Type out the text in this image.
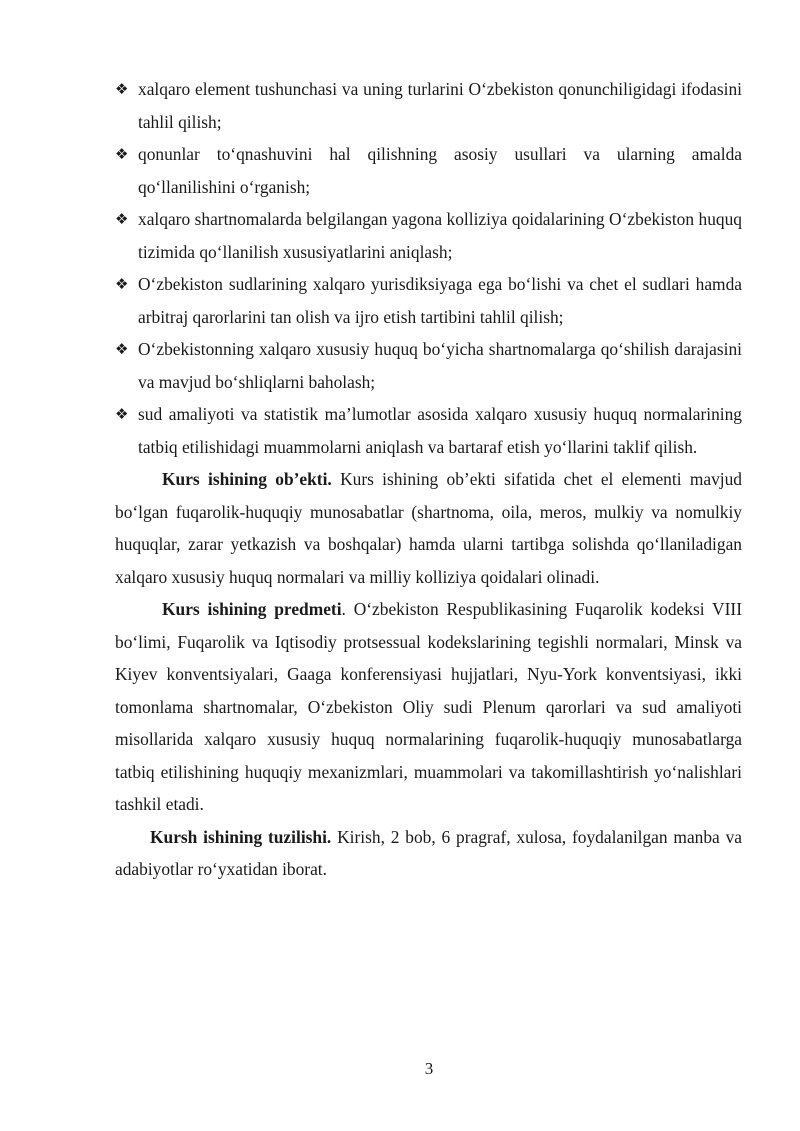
❖ xalqaro element tushunchasi va uning turlarini O‘zbekiston qonunchiligidagi ifodasini tahlil qilish;
❖ qonunlar to‘qnashuvini hal qilishning asosiy usullari va ularning amalda qo‘llanilishini o‘rganish;
❖ xalqaro shartnomalarda belgilangan yagona kolliziya qoidalarining O‘zbekiston huquq tizimida qo‘llanilish xususiyatlarini aniqlash;
❖ O‘zbekiston sudlarining xalqaro yurisdiksiyaga ega bo‘lishi va chet el sudlari hamda arbitraj qarorlarini tan olish va ijro etish tartibini tahlil qilish;
❖ O‘zbekistonning xalqaro xususiy huquq bo‘yicha shartnomalarga qo‘shilish darajasini va mavjud bo‘shliqlarni baholash;
❖ sud amaliyoti va statistik ma’lumotlar asosida xalqaro xususiy huquq normalarining tatbiq etilishidagi muammolarni aniqlash va bartaraf etish yo‘llarini taklif qilish.

Kurs ishining ob’ekti. Kurs ishining ob’ekti sifatida chet el elementi mavjud bo‘lgan fuqarolik-huquqiy munosabatlar (shartnoma, oila, meros, mulkiy va nomulkiy huquqlar, zarar yetkazish va boshqalar) hamda ularni tartibga solishda qo‘llaniladigan xalqaro xususiy huquq normalari va milliy kolliziya qoidalari olinadi.

Kurs ishining predmeti. O‘zbekiston Respublikasining Fuqarolik kodeksi VIII bo‘limi, Fuqarolik va Iqtisodiy protsessual kodekslarining tegishli normalari, Minsk va Kiyev konventsiyalari, Gaaga konferensiyasi hujjatlari, Nyu-York konventsiyasi, ikki tomonlama shartnomalar, O‘zbekiston Oliy sudi Plenum qarorlari va sud amaliyoti misollarida xalqaro xususiy huquq normalarining fuqarolik-huquqiy munosabatlarga tatbiq etilishining huquqiy mexanizmlari, muammolari va takomillashtirish yo‘nalishlari tashkil etadi.

Kursh ishining tuzilishi. Kirish, 2 bob, 6 pragraf, xulosa, foydalanilgan manba va adabiyotlar ro‘yxatidan iborat.

3
